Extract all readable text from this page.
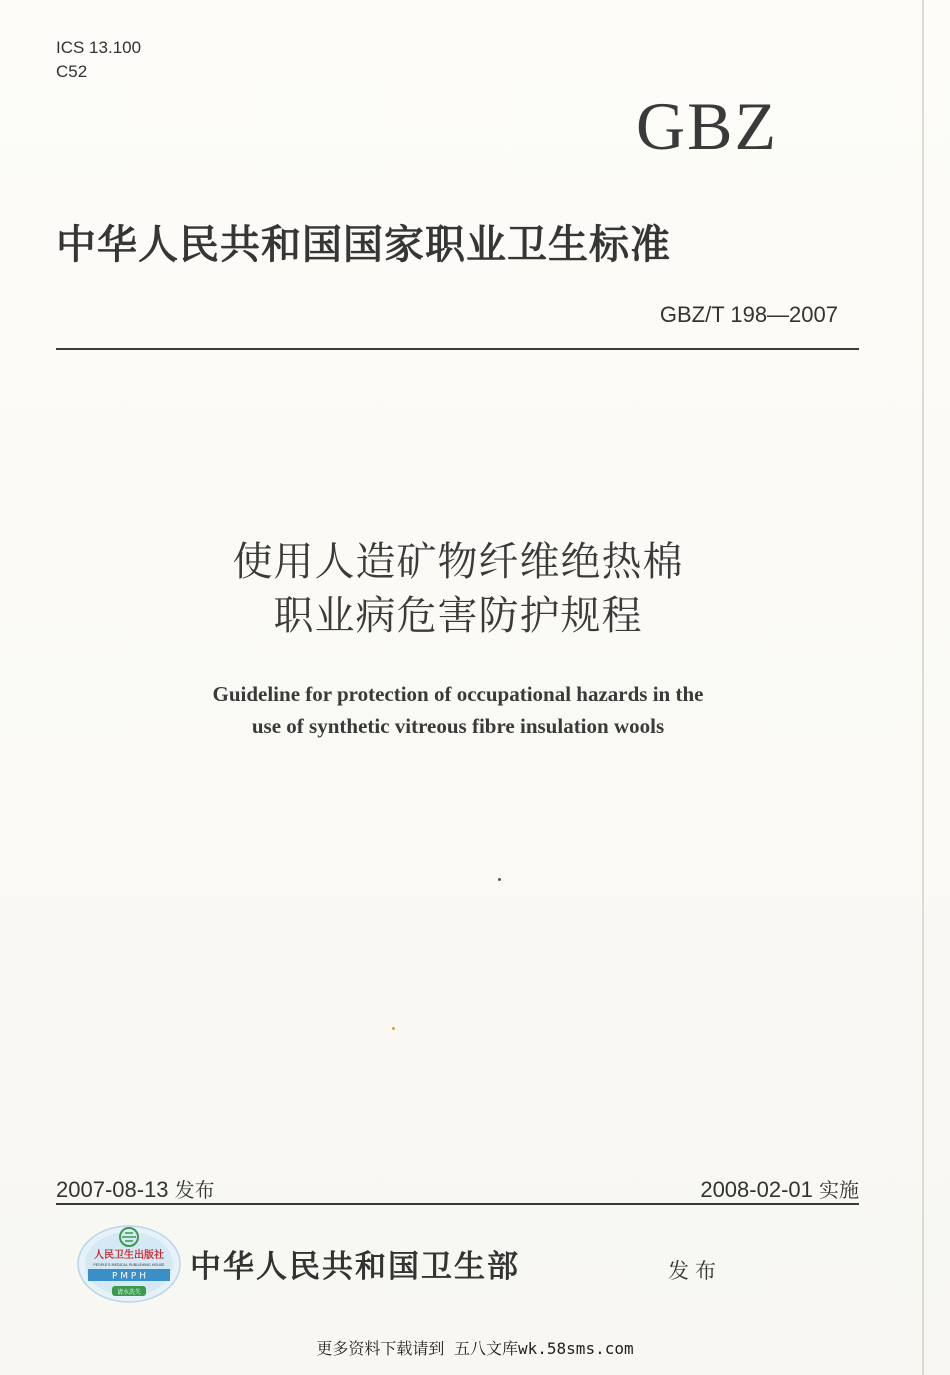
ICS 13.100
C52
GBZ
中华人民共和国国家职业卫生标准
GBZ/T 198—2007
使用人造矿物纤维绝热棉
职业病危害防护规程
Guideline for protection of occupational hazards in the
use of synthetic vitreous fibre insulation wools
2007-08-13 发布	2008-02-01 实施
人民卫生出版社
PEOPLE'S MEDICAL PUBLISHING HOUSE
P M P H
请水洗失
中华人民共和国卫生部	发布
更多资料下载请到 五八文库wk.58sms.com
